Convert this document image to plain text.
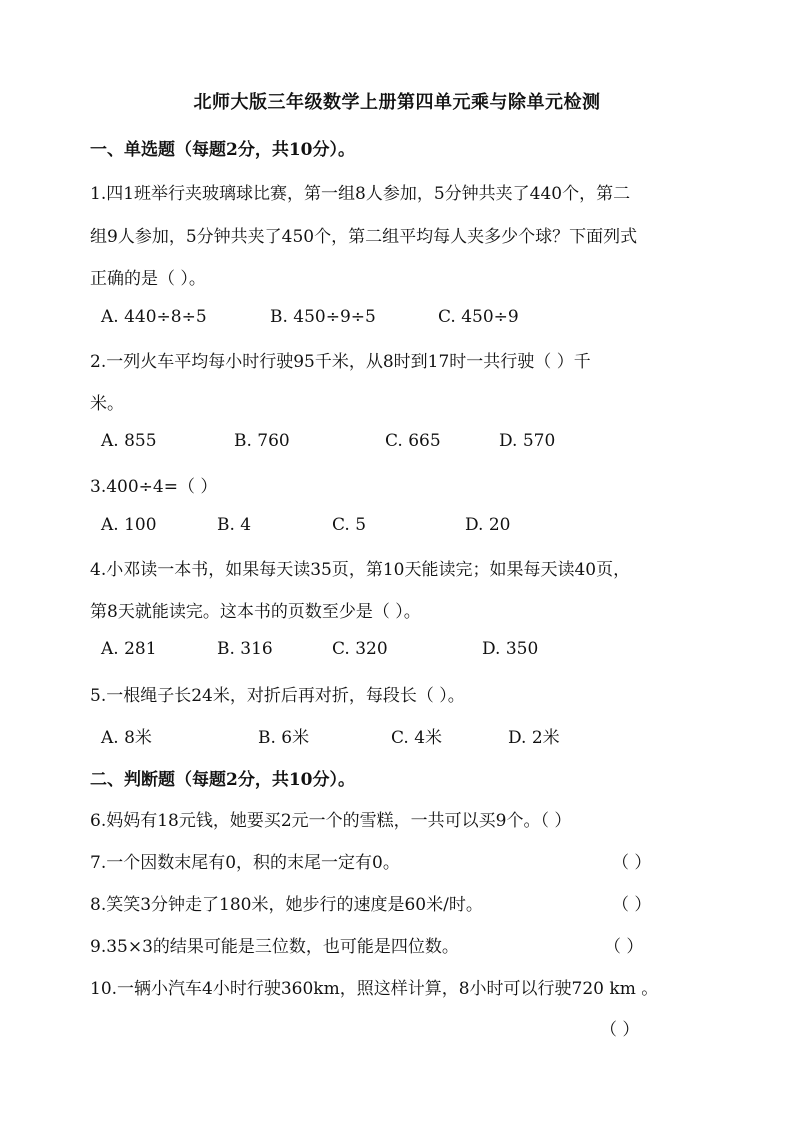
北师大版三年级数学上册第四单元乘与除单元检测
一、单选题（每题2分，共10分）。
1.四1班举行夹玻璃球比赛，第一组8人参加，5分钟共夹了440个，第二
组9人参加，5分钟共夹了450个，第二组平均每人夹多少个球？下面列式
正确的是（ ）。
A. 440÷8÷5	B. 450÷9÷5	C. 450÷9
2.一列火车平均每小时行驶95千米，从8时到17时一共行驶（ ）千
米。
A. 855	B. 760	C. 665	D. 570
3.400÷4=（ ）
A. 100	B. 4	C. 5	D. 20
4.小邓读一本书，如果每天读35页，第10天能读完；如果每天读40页，
第8天就能读完。这本书的页数至少是（ ）。
A. 281	B. 316	C. 320	D. 350
5.一根绳子长24米，对折后再对折，每段长（ ）。
A. 8米	B. 6米	C. 4米	D. 2米
二、判断题（每题2分，共10分）。
6.妈妈有18元钱，她要买2元一个的雪糕，一共可以买9个。（ ）
7.一个因数末尾有0，积的末尾一定有0。	（ ）
8.笑笑3分钟走了180米，她步行的速度是60米/时。	（ ）
9.35×3的结果可能是三位数，也可能是四位数。	（ ）
10.一辆小汽车4小时行驶360km，照这样计算，8小时可以行驶720 km 。
（ ）
